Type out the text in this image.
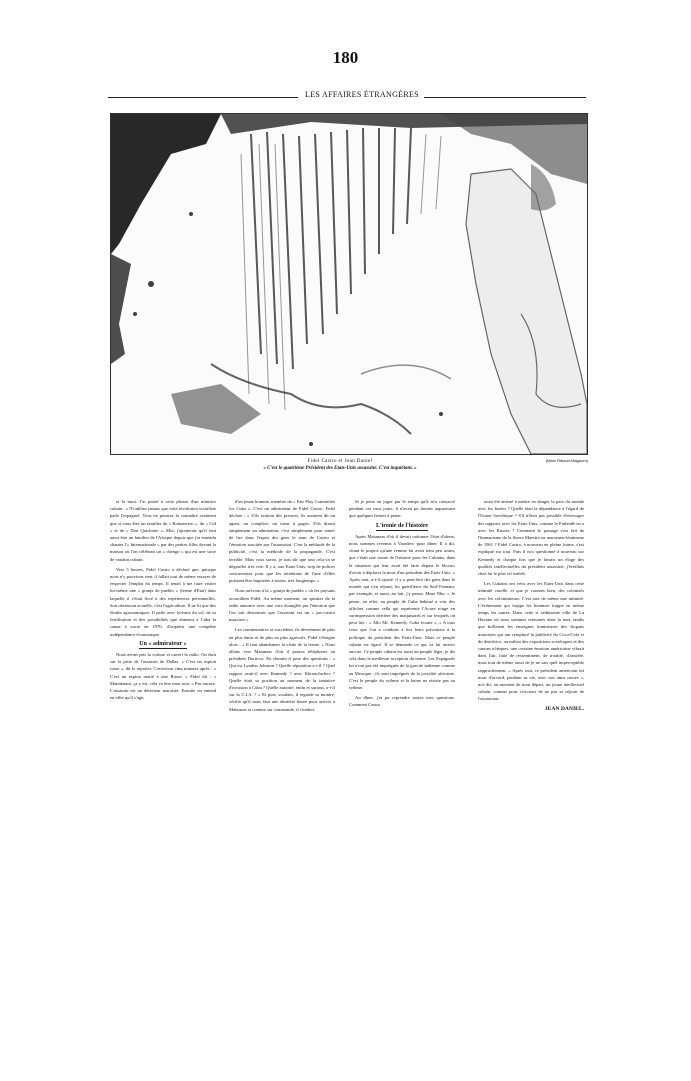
180
LES AFFAIRES ÉTRANGÈRES
(Marc Riboud-Magnum)
Fidel Castro et Jean Daniel
« C'est le quatrième Président des Etats-Unis assassiné. C'est inquiétant. »

et la mort. J'ai pensé à cette phrase d'un ministre cubain : « N'oubliez jamais que cette révolution socialiste parle l'espagnol. Vous ne pourrez la connaître vraiment que si vous êtes un familier du « Romancero », du « Cid » et de « Don Quichotte ». Moi, j'ajouterais qu'il faut aussi être un familier de l'Afrique depuis que j'ai entendu chanter l'« Internationale » par des petites filles devant la maison où l'on célébrait un « chengo » qui est une sorte de vaudou cubain.

Vers 5 heures, Fidel Castro a déclaré que, puisque nous n'y pouvions rien, il fallait tout de même essayer de respecter l'emploi du temps. Il tenait à me faire visiter lui-même une « granja de pueblo » (ferme d'Etat) dans laquelle il s'était livré à des expériences personnelles. Son obsession actuelle, c'est l'agriculture. Il ne lit que des études agronomiques. Il parle avec lyrisme du sol, de sa fertilisation et des possibilités que donnera à Cuba la canne à sucre en 1970, d'acquérir une complète indépendance économique.

Un « admirateur »

Nous avons pris la voiture et ouvert la radio. On était sur la piste de l'assassin de Dallas. « C'est un espion russe », dit le reporter. Correction cinq minutes après : « C'est un espion marié à une Russe. » Fidel dit : « Maintenant, ça y est, cela va être mon tour. » Pas encore. L'assassin est un déserteur marxiste. Ensuite on entend en effet qu'il s'agit

d'un jeune homme, membre du « Fair Play Committee for Cuba ». C'est un admirateur de Fidel Castro. Fidel déclare : « S'ils avaient des preuves, ils auraient dit un agent, un complice, un tueur à gages. S'ils disent simplement un admirateur, c'est simplement pour tenter de lier dans l'esprit des gens le nom de Castro et l'émotion suscitée par l'assassinat. C'est la méthode de la publicité, c'est la méthode de la propagande. C'est terrible. Mais vous savez, je suis sûr que tout cela va se dégonfler très vite. Il y a, aux Etats-Unis, trop de polices concurrentes pour que les intentions de l'une d'elles puissent être imposées à toutes, très longtemps. »

Nous arrivons à la « granja de pueblo » où les paysans accueillent Fidel. Au même moment, un speaker de la radio annonce avec une voix étranglée par l'émotion que l'on sait désormais que l'assassin est un « pro-castro marxiste ».

Les commentaires se succèdent, ils deviennent de plus en plus émus et de plus en plus agressifs. Fidel s'éloigne alors : « Il faut abandonner la visite de la ferme. » Nous allons vers Matanzas d'où il pourra téléphoner au président Dorticos. En chemin il pose des questions : « Qui est Lyndon Johnson ? Quelle réputation a-t-il ? Quel rapport avait-il avec Kennedy ? avec Khrouchtchev ? Quelle était sa position au moment de la tentative d'invasion à Cuba ? Quelle autorité, enfin et surtout, a-t-il sur la C.I.A. ? » Et puis, soudain, il regarde sa montre, vérifie qu'il nous faut une dernière heure pour arriver à Matanzas et comme sur commande, il s'endort.

Si je peux en juger par le temps qu'il m'a consacré pendant ces trois jours, il n'avait pu dormir auparavant que quelques heures à peine.

L'ironie de l'histoire

Après Matanzas d'où il devait ordonner l'état d'alerte, nous sommes revenus à Varadero pour dîner. Il a dit, citant le propos qu'une femme lui avait tenu peu avant, que c'était une ironie de l'histoire pour les Cubains, dans la situation qui leur avait été faite depuis le blocus, d'avoir à déplorer la mort d'un président des Etats-Unis. « Après tout, a-t-il ajouté, il y a peut-être des gens dans le monde qui s'en réjouit, les guérilleros du Sud-Vietnam, par exemple, et aussi, au fait, j'y pense, Mme Nhu. » Je pense, en effet, au peuple de Cuba habitué à voir des affiches comme celle qui représente l'Acuse rouge en surimpression derrière des maquisards et sur lesquels on peut lire : « Allo Mr. Kennedy, Cuba écoute », « A tous ceux que l'on a conduits à lier leurs privations à la politique du président des Etats-Unis. Mais ce peuple cubain est égaré. Il se demande ce qui va lui arriver encore. Ce peuple cubain est aussi un peuple léger, je dis cela dans la meilleure acception du terme. Les Espagnols lui n'ont pas été imprégnés de la gravité indienne comme au Mexique : ils sont imprégnés de la jovialité africaine. C'est le peuple du rythme et la haine ne résiste pas au rythme.

Au dîner, j'ai pu reprendre toutes mes questions. Comment Castro

avait été amené à mettre en danger la paix du monde avec les fusées ? Quelle était la dépendance à l'égard de l'Union Soviétique ? S'il n'était pas possible d'envisager des rapports avec les Etats-Unis, comme la Finlande en a avec les Russes ? Comment le passage s'est fait de l'humanisme de la Sierra Maestra au marxisme-léninisme de 1961 ? Fidel Castro, à nouveau en pleine forme, s'est expliqué sur tout. Puis il m'a questionné à nouveau sur Kennedy et chaque fois que je faisais un éloge des qualités intellectuelles du président assassiné, j'éveillais chez lui le plus vif intérêt.

Les Cubains ont vécu avec les Etats-Unis dans cette intimité cruelle, et que je connais bien, des colonisés avec les colonisateurs. C'est tout de même une intimité. L'événement qui frappe les hommes frappe en même temps les autres. Dans cette si séduisante ville de La Havane où nous sommes retournés dans la nuit, tandis que brillaient les enseignes lumineuses des slogans marxistes qui ont remplacé la publicité du Coca-Cola et du dentifrice, au milieu des expositions soviétiques et des canons tchèques, une certaine émotion américaine vibrait dans l'air, faite de ressentiment, de trouble, d'anxiété, mais tout de même aussi de je ne sais quel imperceptible rapprochement. « Après tout, ce président américain est mort d'accord, pendant sa vie, avec nos amis russes », m'a dit, au moment de mon départ, un jeune intellectuel cubain, comme pour s'excuser de ne pas se réjouir de l'assassinat.

JEAN DANIEL.
